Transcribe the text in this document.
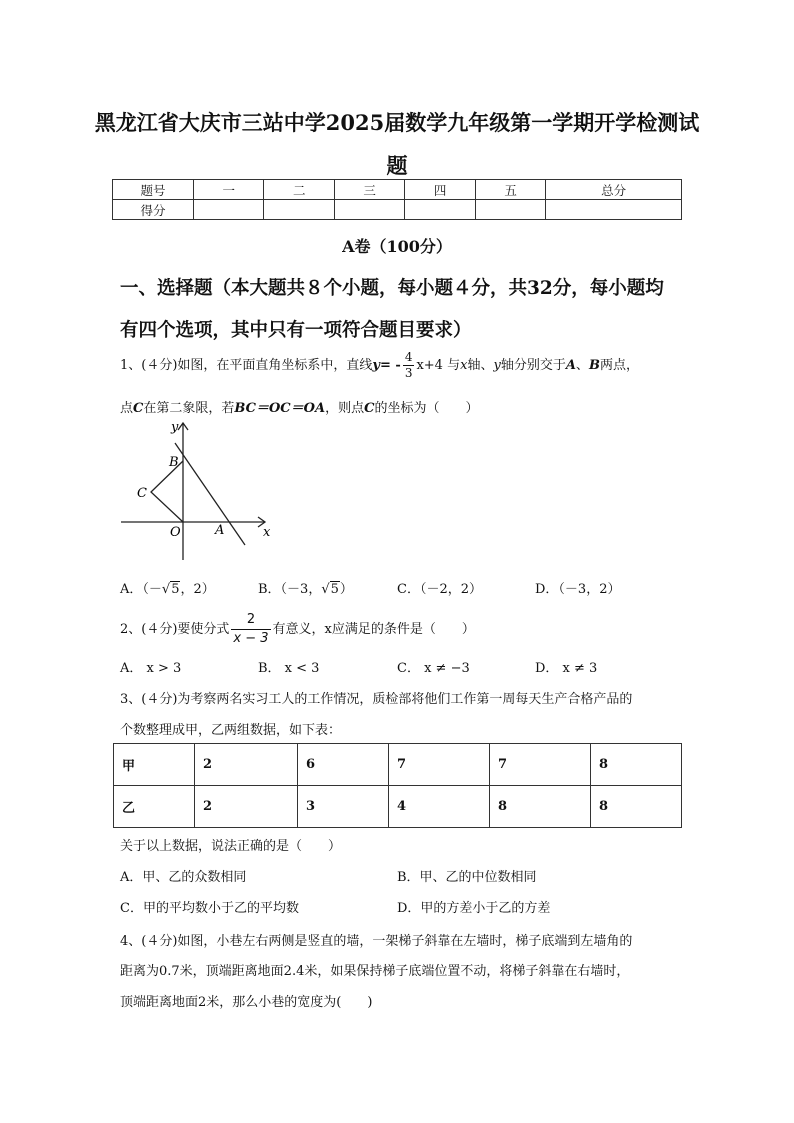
黑龙江省大庆市三站中学2025届数学九年级第一学期开学检测试
题
题号	一	二	三	四	五	总分
得分						
A卷（100分）
一、选择题（本大题共８个小题，每小题４分，共32分，每小题均
有四个选项，其中只有一项符合题目要求）
1、(４分)如图，在平面直角坐标系中，直线$y= - \frac{4}{3} x+4$ 与x轴、y轴分别交于A、B两点，
点C在第二象限，若BC＝OC＝OA，则点C的坐标为（　　）
y
x
B
C
O	A
A．（－√5，2）	B．（－3，√5）	C．（－2，2）	D．（－3，2）
2、(４分)要使分式 $\frac{2}{x - 3}$ 有意义，x应满足的条件是（　　）
A． x > 3	B． x < 3	C． x ≠ −3	D． x ≠ 3
3、(４分)为考察两名实习工人的工作情况，质检部将他们工作第一周每天生产合格产品的
个数整理成甲，乙两组数据，如下表：
甲	2	6	7	7	8
乙	2	3	4	8	8
关于以上数据，说法正确的是（　　）
A．甲、乙的众数相同	B．甲、乙的中位数相同
C．甲的平均数小于乙的平均数	D．甲的方差小于乙的方差
4、(４分)如图，小巷左右两侧是竖直的墙，一架梯子斜靠在左墙时，梯子底端到左墙角的
距离为0.7米，顶端距离地面2.4米，如果保持梯子底端位置不动，将梯子斜靠在右墙时，
顶端距离地面2米，那么小巷的宽度为(　　)
